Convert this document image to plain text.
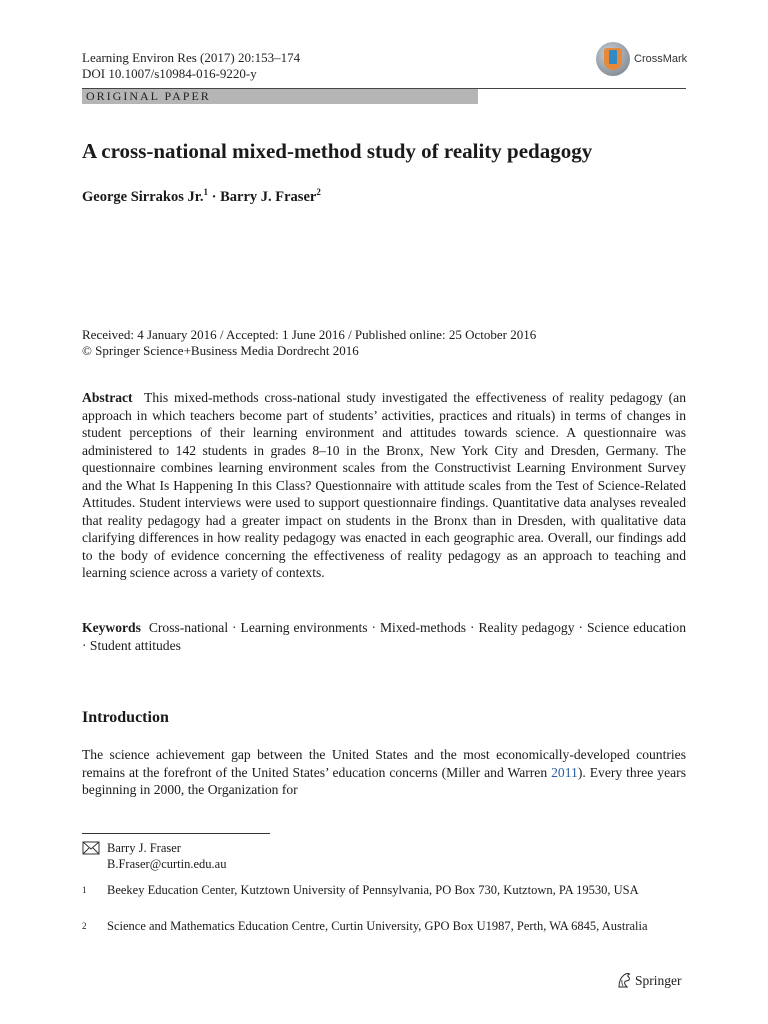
Learning Environ Res (2017) 20:153–174
DOI 10.1007/s10984-016-9220-y
CrossMark
ORIGINAL PAPER
A cross-national mixed-method study of reality pedagogy
George Sirrakos Jr.$^1$ · Barry J. Fraser$^2$
Received: 4 January 2016 / Accepted: 1 June 2016 / Published online: 25 October 2016
© Springer Science+Business Media Dordrecht 2016
Abstract This mixed-methods cross-national study investigated the effectiveness of reality pedagogy (an approach in which teachers become part of students’ activities, practices and rituals) in terms of changes in student perceptions of their learning environment and attitudes towards science. A questionnaire was administered to 142 students in grades 8–10 in the Bronx, New York City and Dresden, Germany. The questionnaire combines learning environment scales from the Constructivist Learning Environment Survey and the What Is Happening In this Class? Questionnaire with attitude scales from the Test of Science-Related Attitudes. Student interviews were used to support questionnaire findings. Quantitative data analyses revealed that reality pedagogy had a greater impact on students in the Bronx than in Dresden, with qualitative data clarifying differences in how reality pedagogy was enacted in each geographic area. Overall, our findings add to the body of evidence concerning the effectiveness of reality pedagogy as an approach to teaching and learning science across a variety of contexts.
Keywords Cross-national · Learning environments · Mixed-methods · Reality pedagogy · Science education · Student attitudes
Introduction
The science achievement gap between the United States and the most economically-developed countries remains at the forefront of the United States’ education concerns (Miller and Warren 2011). Every three years beginning in 2000, the Organization for
Barry J. Fraser
B.Fraser@curtin.edu.au
1 Beekey Education Center, Kutztown University of Pennsylvania, PO Box 730, Kutztown, PA 19530, USA
2 Science and Mathematics Education Centre, Curtin University, GPO Box U1987, Perth, WA 6845, Australia
Springer
